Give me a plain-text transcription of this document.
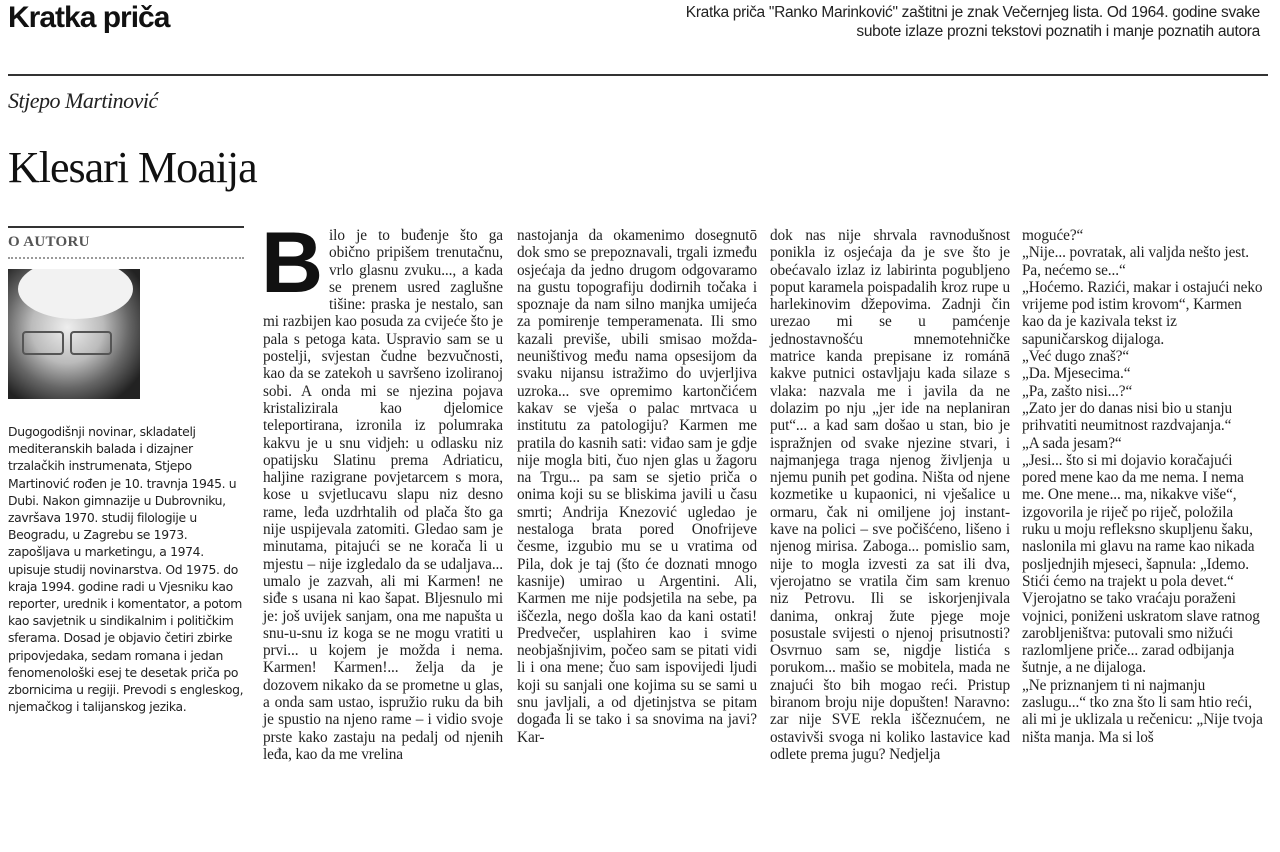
Kratka priča	Kratka priča "Ranko Marinković" zaštitni je znak Večernjeg lista. Od 1964. godine svake subote izlaze prozni tekstovi poznatih i manje poznatih autora
Stjepo Martinović
Klesari Moaija
O AUTORU
Dugogodišnji novinar, skladatelj mediteranskih balada i dizajner trzalačkih instrumenata, Stjepo Martinović rođen je 10. travnja 1945. u Dubi. Nakon gimnazije u Dubrovniku, završava 1970. studij filologije u Beogradu, u Zagrebu se 1973. zapošljava u marketingu, a 1974. upisuje studij novinarstva. Od 1975. do kraja 1994. godine radi u Vjesniku kao reporter, urednik i komentator, a potom kao savjetnik u sindikalnim i političkim sferama. Dosad je objavio četiri zbirke pripovjedaka, sedam romana i jedan fenomenološki esej te desetak priča po zbornicima u regiji. Prevodi s engleskog, njemačkog i talijanskog jezika.
B ilo je to buđenje što ga obično pripišem trenutačnu, vrlo glasnu zvuku..., a kada se prenem usred zaglušne tišine: praska je nestalo, san mi razbijen kao posuda za cvijeće što je pala s petoga kata. Uspravio sam se u postelji, svjestan čudne bezvučnosti, kao da se zatekoh u savršeno izoliranoj sobi. A onda mi se njezina pojava kristalizirala kao djelomice teleportirana, izronila iz polumraka kakvu je u snu vidjeh: u odlasku niz opatijsku Slatinu prema Adriaticu, haljine razigrane povjetarcem s mora, kose u svjetlucavu slapu niz desno rame, leđa uzdrhtalih od plača što ga nije uspijevala zatomiti. Gledao sam je minutama, pitajući se ne korača li u mjestu – nije izgledalo da se udaljava... umalo je zazvah, ali mi Karmen! ne siđe s usana ni kao šapat. Bljesnulo mi je: još uvijek sanjam, ona me napušta u snu-u-snu iz koga se ne mogu vratiti u prvi... u kojem je možda i nema. Karmen! Karmen!... želja da je dozovem nikako da se prometne u glas, a onda sam ustao, ispružio ruku da bih je spustio na njeno rame – i vidio svoje prste kako zastaju na pedalj od njenih leđa, kao da me vrelina

nastojanja da okamenimo dosegnutō dok smo se prepoznavali, trgali između osjećaja da jedno drugom odgovaramo na gustu topografiju dodirnih točaka i spoznaje da nam silno manjka umijeća za pomirenje temperamenata. Ili smo kazali previše, ubili smisao možda-neuništivog među nama opsesijom da svaku nijansu istražimo do uvjerljiva uzroka... sve opremimo kartončićem kakav se vješa o palac mrtvaca u institutu za patologiju? Karmen me pratila do kasnih sati: viđao sam je gdje nije mogla biti, čuo njen glas u žagoru na Trgu... pa sam se sjetio priča o onima koji su se bliskima javili u času smrti; Andrija Knezović ugledao je nestaloga brata pored Onofrijeve česme, izgubio mu se u vratima od Pila, dok je taj (što će doznati mnogo kasnije) umirao u Argentini. Ali, Karmen me nije podsjetila na sebe, pa iščezla, nego došla kao da kani ostati! Predvečer, usplahiren kao i svime neobjašnjivim, počeo sam se pitati vidi li i ona mene; čuo sam ispovijedi ljudi koji su sanjali one kojima su se sami u snu javljali, a od djetinjstva se pitam događa li se tako i sa snovima na javi? Kar-

dok nas nije shrvala ravnodušnost ponikla iz osjećaja da je sve što je obećavalo izlaz iz labirinta pogubljeno poput karamela poispadalih kroz rupe u harlekinovim džepovima. Zadnji čin urezao mi se u pamćenje jednostavnošću mnemotehničke matrice kanda prepisane iz románā kakve putnici ostavljaju kada silaze s vlaka: nazvala me i javila da ne dolazim po nju „jer ide na neplaniran put“... a kad sam došao u stan, bio je ispražnjen od svake njezine stvari, i najmanjega traga njenog življenja u njemu punih pet godina. Ništa od njene kozmetike u kupaonici, ni vješalice u ormaru, čak ni omiljene joj instant-kave na polici – sve počišćeno, lišeno i njenog mirisa. Zaboga... pomislio sam, nije to mogla izvesti za sat ili dva, vjerojatno se vratila čim sam krenuo niz Petrovu. Ili se iskorjenjivala danima, onkraj žute pjege moje posustale svijesti o njenoj prisutnosti? Osvrnuo sam se, nigdje listića s porukom... mašio se mobitela, mada ne znajući što bih mogao reći. Pristup biranom broju nije dopušten! Naravno: zar nije SVE rekla iščeznućem, ne ostavivši svoga ni koliko lastavice kad odlete prema jugu? Nedjelja

moguće?“
„Nije... povratak, ali valjda nešto jest. Pa, nećemo se...“
„Hoćemo. Razići, makar i ostajući neko vrijeme pod istim krovom“, Karmen kao da je kazivala tekst iz sapuničarskog dijaloga.
„Već dugo znaš?“
„Da. Mjesecima.“
„Pa, zašto nisi...?“
„Zato jer do danas nisi bio u stanju prihvatiti neumitnost razdvajanja.“
„A sada jesam?“
„Jesi... što si mi dojavio koračajući pored mene kao da me nema. I nema me. One mene... ma, nikakve više“, izgovorila je riječ po riječ, položila ruku u moju refleksno skupljenu šaku, naslonila mi glavu na rame kao nikada posljednjih mjeseci, šapnula: „Idemo. Stići ćemo na trajekt u pola devet.“
Vjerojatno se tako vraćaju poraženi vojnici, poniženi uskratom slave ratnog zarobljeništva: putovali smo nižući razlomljene priče... zarad odbijanja šutnje, a ne dijaloga.
„Ne priznanjem ti ni najmanju zaslugu...“ tko zna što li sam htio reći, ali mi je uklizala u rečenicu: „Nije tvoja ništa manja. Ma si loš
